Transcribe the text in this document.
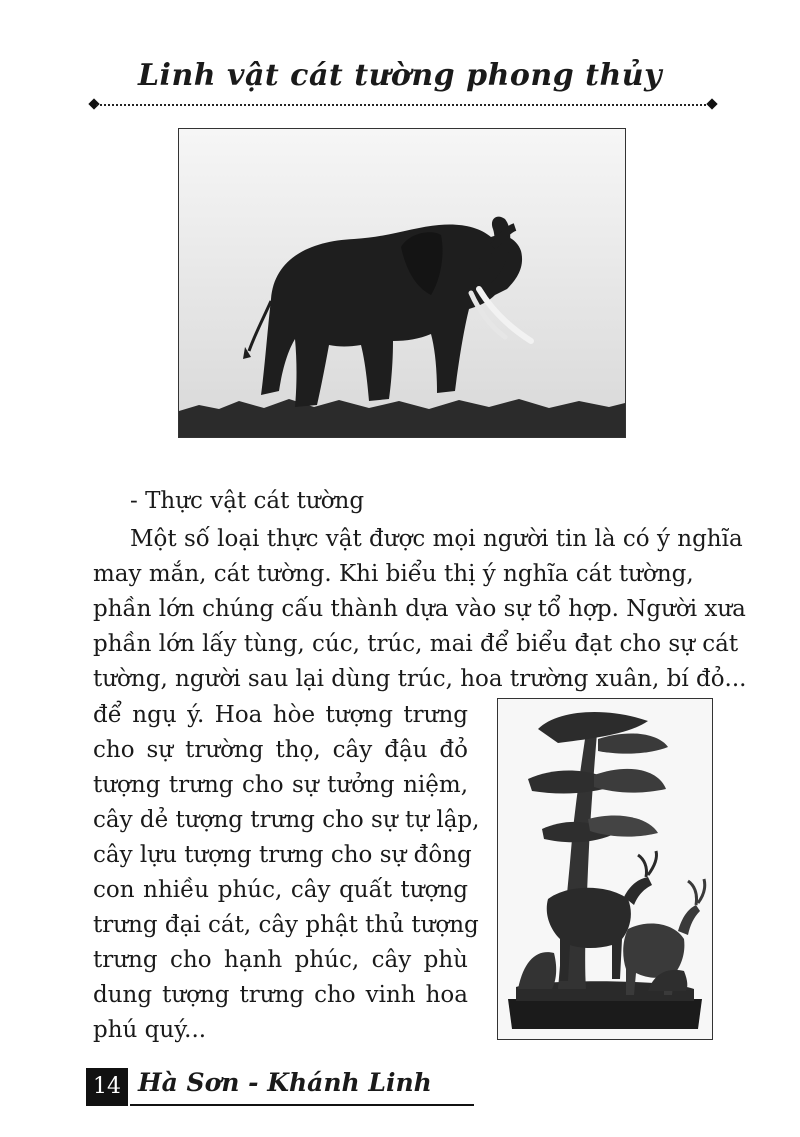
Linh vật cát tường phong thủy
- Thực vật cát tường
Một số loại thực vật được mọi người tin là có ý nghĩa
may mắn, cát tường. Khi biểu thị ý nghĩa cát tường,
phần lớn chúng cấu thành dựa vào sự tổ hợp. Người xưa
phần lớn lấy tùng, cúc, trúc, mai để biểu đạt cho sự cát
tường, người sau lại dùng trúc, hoa trường xuân, bí đỏ...
để ngụ ý. Hoa hòe tượng trưng
cho sự trường thọ, cây đậu đỏ
tượng trưng cho sự tưởng niệm,
cây dẻ tượng trưng cho sự tự lập,
cây lựu tượng trưng cho sự đông
con nhiều phúc, cây quất tượng
trưng đại cát, cây phật thủ tượng
trưng cho hạnh phúc, cây phù
dung tượng trưng cho vinh hoa
phú quý...
14 Hà Sơn - Khánh Linh
